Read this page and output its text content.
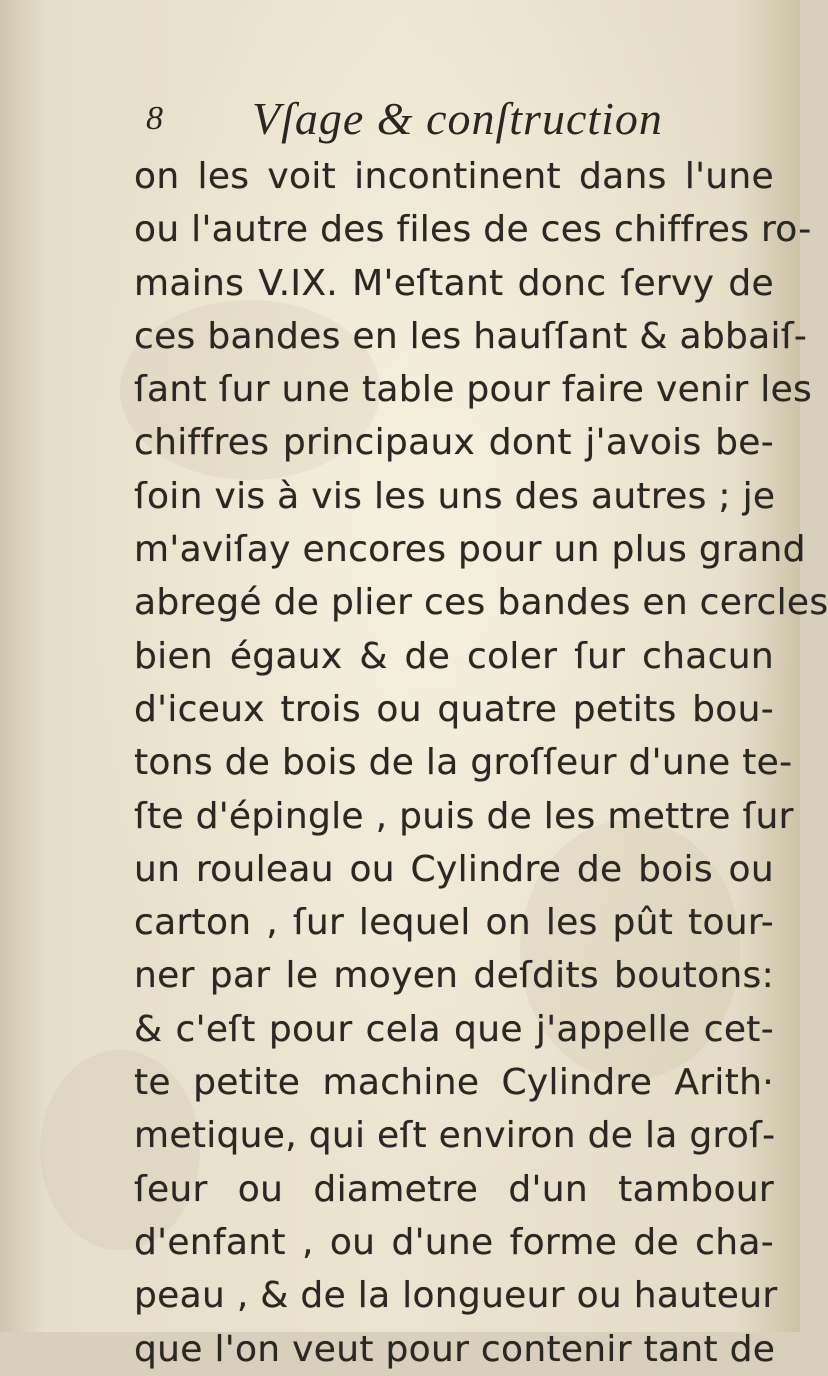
8 Vſage & conſtruction
on les voit incontinent dans l'une
ou l'autre des files de ces chiffres ro-
mains V.IX. M'eſtant donc ſervy de
ces bandes en les hauſſant & abbaiſ-
ſant ſur une table pour faire venir les
chiffres principaux dont j'avois be-
ſoin vis à vis les uns des autres ; je
m'aviſay encores pour un plus grand
abregé de plier ces bandes en cercles
bien égaux & de coler ſur chacun
d'iceux trois ou quatre petits bou-
tons de bois de la groſſeur d'une te-
ſte d'épingle , puis de les mettre ſur
un rouleau ou Cylindre de bois ou
carton , ſur lequel on les pût tour-
ner par le moyen deſdits boutons:
& c'eſt pour cela que j'appelle cet-
te petite machine Cylindre Arith·
metique, qui eſt environ de la groſ-
ſeur ou diametre d'un tambour
d'enfant , ou d'une forme de cha-
peau , & de la longueur ou hauteur
que l'on veut pour contenir tant de
